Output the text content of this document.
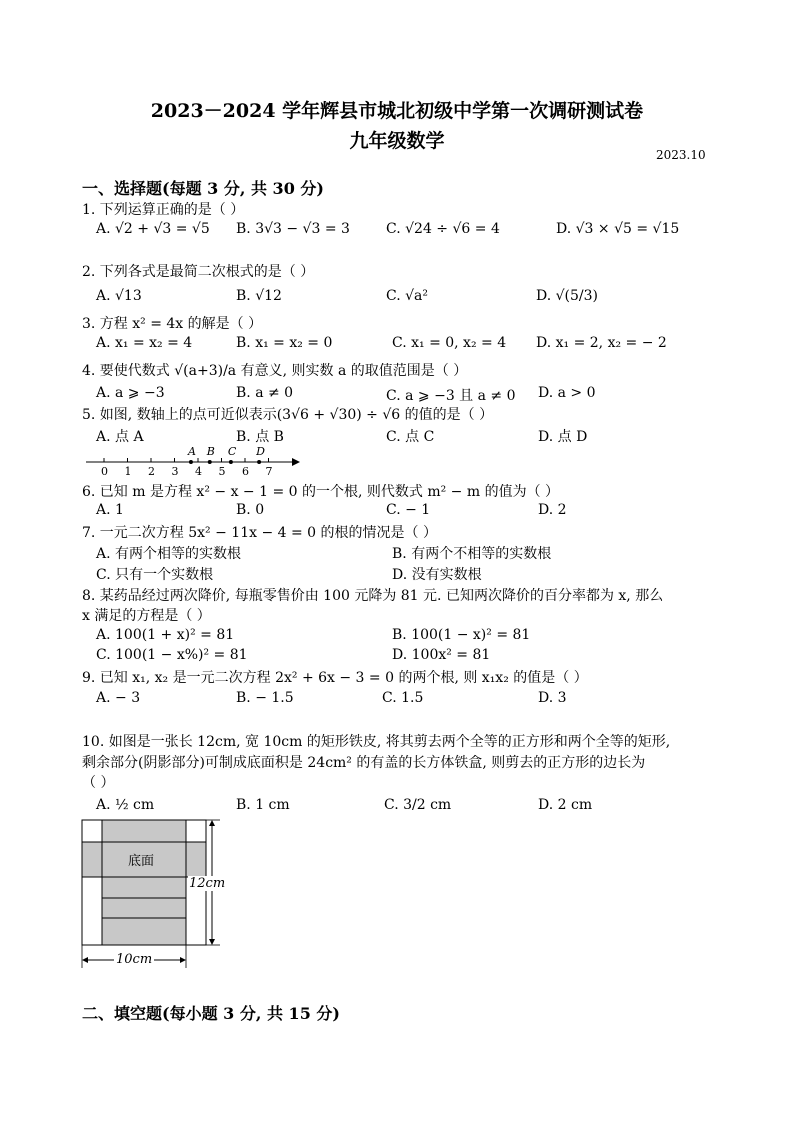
2023－2024 学年辉县市城北初级中学第一次调研测试卷
九年级数学
2023.10
一、选择题(每题 3 分, 共 30 分)
1. 下列运算正确的是（ ）
A. √2 + √3 = √5 B. 3√3 − √3 = 3	C. √24 ÷ √6 = 4	D. √3 × √5 = √15
2. 下列各式是最简二次根式的是（ ）
A. √13	B. √12	C. √a²	D. √(5/3)
3. 方程 x² = 4x 的解是（ ）
A. x₁ = x₂ = 4	B. x₁ = x₂ = 0	C. x₁ = 0, x₂ = 4 D. x₁ = 2, x₂ = − 2
4. 要使代数式 √(a+3)/a 有意义, 则实数 a 的取值范围是（ ）
A. a ⩾ −3	B. a ≠ 0	C. a ⩾ −3 且 a ≠ 0 D. a > 0
5. 如图, 数轴上的点可近似表示(3√6 + √30) ÷ √6 的值的是（ ）
A. 点 A	B. 点 B	C. 点 C	D. 点 D
0 1 2 3 4 5 6 7
A B C D
6. 已知 m 是方程 x² − x − 1 = 0 的一个根, 则代数式 m² − m 的值为（ ）
A. 1	B. 0	C. − 1	D. 2
7. 一元二次方程 5x² − 11x − 4 = 0 的根的情况是（ ）
A. 有两个相等的实数根	B. 有两个不相等的实数根
C. 只有一个实数根	D. 没有实数根
8. 某药品经过两次降价, 每瓶零售价由 100 元降为 81 元. 已知两次降价的百分率都为 x, 那么
x 满足的方程是（ ）
A. 100(1 + x)² = 81	B. 100(1 − x)² = 81
C. 100(1 − x%)² = 81	D. 100x² = 81
9. 已知 x₁, x₂ 是一元二次方程 2x² + 6x − 3 = 0 的两个根, 则 x₁x₂ 的值是（ ）
A. − 3	B. − 1.5	C. 1.5	D. 3
10. 如图是一张长 12cm, 宽 10cm 的矩形铁皮, 将其剪去两个全等的正方形和两个全等的矩形,
剩余部分(阴影部分)可制成底面积是 24cm² 的有盖的长方体铁盒, 则剪去的正方形的边长为
（ ）
A. ½ cm	B. 1 cm	C. 3/2 cm	D. 2 cm
底面
12cm
10cm
二、填空题(每小题 3 分, 共 15 分)
